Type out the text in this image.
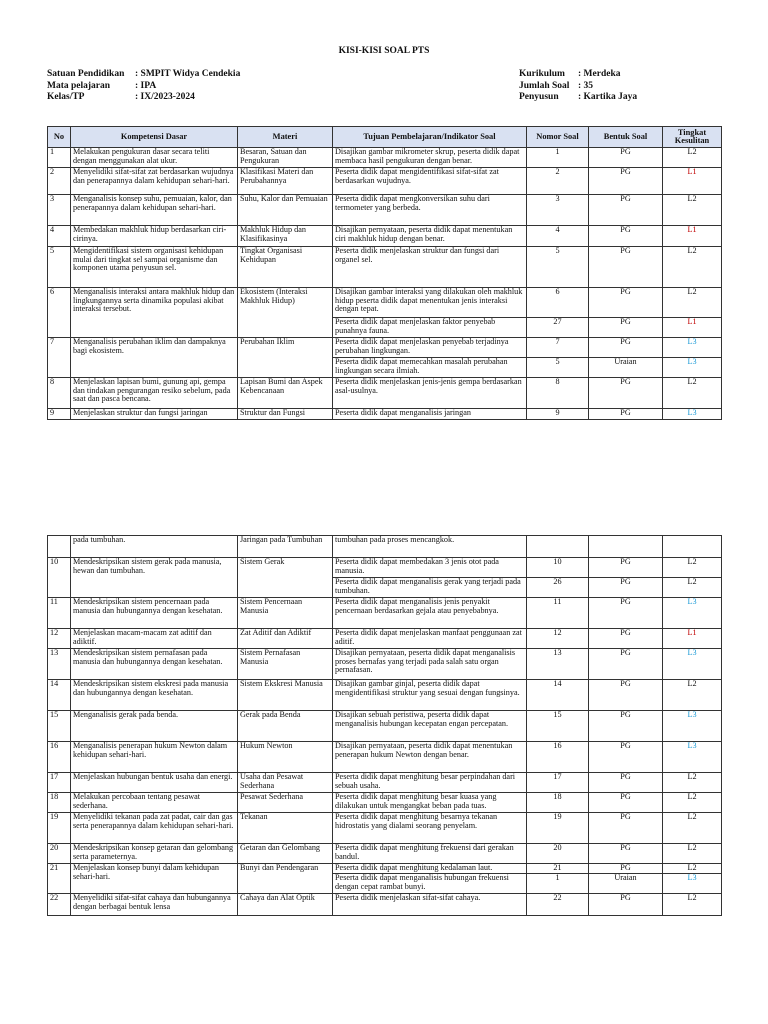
KISI-KISI SOAL PTS
Satuan Pendidikan	: SMPIT Widya Cendekia
Mata pelajaran	: IPA
Kelas/TP	: IX/2023-2024
Kurikulum	: Merdeka
Jumlah Soal : 35
Penyusun	: Kartika Jaya
No	Kompetensi Dasar	Materi	Tujuan Pembelajaran/Indikator Soal	Nomor Soal	Bentuk Soal	Tingkat Kesulitan
1	Melakukan pengukuran dasar secara teliti dengan menggunakan alat ukur.	Besaran, Satuan dan Pengukuran	Disajikan gambar mikrometer skrup, peserta didik dapat membaca hasil pengukuran dengan benar.	1	PG	L2
2	Menyelidiki sifat-sifat zat berdasarkan wujudnya dan penerapannya dalam kehidupan sehari-hari.	Klasifikasi Materi dan Perubahannya	Peserta didik dapat mengidentifikasi sifat-sifat zat berdasarkan wujudnya.	2	PG	L1
3	Menganalisis konsep suhu, pemuaian, kalor, dan penerapannya dalam kehidupan sehari-hari.	Suhu, Kalor dan Pemuaian	Peserta didik dapat mengkonversikan suhu dari termometer yang berbeda.	3	PG	L2
4	Membedakan makhluk hidup berdasarkan ciri-cirinya.	Makhluk Hidup dan Klasifikasinya	Disajikan pernyataan, peserta didik dapat menentukan ciri makhluk hidup dengan benar.	4	PG	L1
5	Mengidentifikasi sistem organisasi kehidupan mulai dari tingkat sel sampai organisme dan komponen utama penyusun sel.	Tingkat Organisasi Kehidupan	Peserta didik menjelaskan struktur dan fungsi dari organel sel.	5	PG	L2
6	Menganalisis interaksi antara makhluk hidup dan lingkungannya serta dinamika populasi akibat interaksi tersebut.	Ekosistem (Interaksi Makhluk Hidup)	Disajikan gambar interaksi yang dilakukan oleh makhluk hidup peserta didik dapat menentukan jenis interaksi dengan tepat.	6	PG	L2
			Peserta didik dapat menjelaskan faktor penyebab punahnya fauna.	27	PG	L1
7	Menganalisis perubahan iklim dan dampaknya bagi ekosistem.	Perubahan Iklim	Peserta didik dapat menjelaskan penyebab terjadinya perubahan lingkungan.	7	PG	L3
			Peserta didik dapat memecahkan masalah perubahan lingkungan secara ilmiah.	5	Uraian	L3
8	Menjelaskan lapisan bumi, gunung api, gempa dan tindakan pengurangan resiko sebelum, pada saat dan pasca bencana.	Lapisan Bumi dan Aspek Kebencanaan	Peserta didik menjelaskan jenis-jenis gempa berdasarkan asal-usulnya.	8	PG	L2
9	Menjelaskan struktur dan fungsi jaringan	Struktur dan Fungsi	Peserta didik dapat menganalisis jaringan	9	PG	L3
	pada tumbuhan.	Jaringan pada Tumbuhan	tumbuhan pada proses mencangkok.			
10	Mendeskripsikan sistem gerak pada manusia, hewan dan tumbuhan.	Sistem Gerak	Peserta didik dapat membedakan 3 jenis otot pada manusia.	10	PG	L2
			Peserta didik dapat menganalisis gerak yang terjadi pada tumbuhan.	26	PG	L2
11	Mendeskripsikan sistem pencernaan pada manusia dan hubungannya dengan kesehatan.	Sistem Pencernaan Manusia	Peserta didik dapat menganalisis jenis penyakit pencernaan berdasarkan gejala atau penyebabnya.	11	PG	L3
12	Menjelaskan macam-macam zat aditif dan adiktif.	Zat Aditif dan Adiktif	Peserta didik dapat menjelaskan manfaat penggunaan zat aditif.	12	PG	L1
13	Mendeskripsikan sistem pernafasan pada manusia dan hubungannya dengan kesehatan.	Sistem Pernafasan Manusia	Disajikan pernyataan, peserta didik dapat menganalisis proses bernafas yang terjadi pada salah satu organ pernafasan.	13	PG	L3
14	Mendeskripsikan sistem ekskresi pada manusia dan hubungannya dengan kesehatan.	Sistem Ekskresi Manusia	Disajikan gambar ginjal, peserta didik dapat mengidentifikasi struktur yang sesuai dengan fungsinya.	14	PG	L2
15	Menganalisis gerak pada benda.	Gerak pada Benda	Disajikan sebuah peristiwa, peserta didik dapat menganalisis hubungan kecepatan engan percepatan.	15	PG	L3
16	Menganalisis penerapan hukum Newton dalam kehidupan sehari-hari.	Hukum Newton	Disajikan pernyataan, peserta didik dapat menentukan penerapan hukum Newton dengan benar.	16	PG	L3
17	Menjelaskan hubungan bentuk usaha dan energi.	Usaha dan Pesawat Sederhana	Peserta didik dapat menghitung besar perpindahan dari sebuah usaha.	17	PG	L2
18	Melakukan percobaan tentang pesawat sederhana.	Pesawat Sederhana	Peserta didik dapat menghitung besar kuasa yang dilakukan untuk mengangkat beban pada tuas.	18	PG	L2
19	Menyelidiki tekanan pada zat padat, cair dan gas serta penerapannya dalam kehidupan sehari-hari.	Tekanan	Peserta didik dapat menghitung besarnya tekanan hidrostatis yang dialami seorang penyelam.	19	PG	L2
20	Mendeskripsikan konsep getaran dan gelombang serta parameternya.	Getaran dan Gelombang	Peserta didik dapat menghitung frekuensi dari gerakan bandul.	20	PG	L2
21	Menjelaskan konsep bunyi dalam kehidupan sehari-hari.	Bunyi dan Pendengaran	Peserta didik dapat menghitung kedalaman laut.	21	PG	L2
			Peserta didik dapat menganalisis hubungan frekuensi dengan cepat rambat bunyi.	1	Uraian	L3
22	Menyelidiki sifat-sifat cahaya dan hubungannya dengan berbagai bentuk lensa	Cahaya dan Alat Optik	Peserta didik menjelaskan sifat-sifat cahaya.	22	PG	L2
